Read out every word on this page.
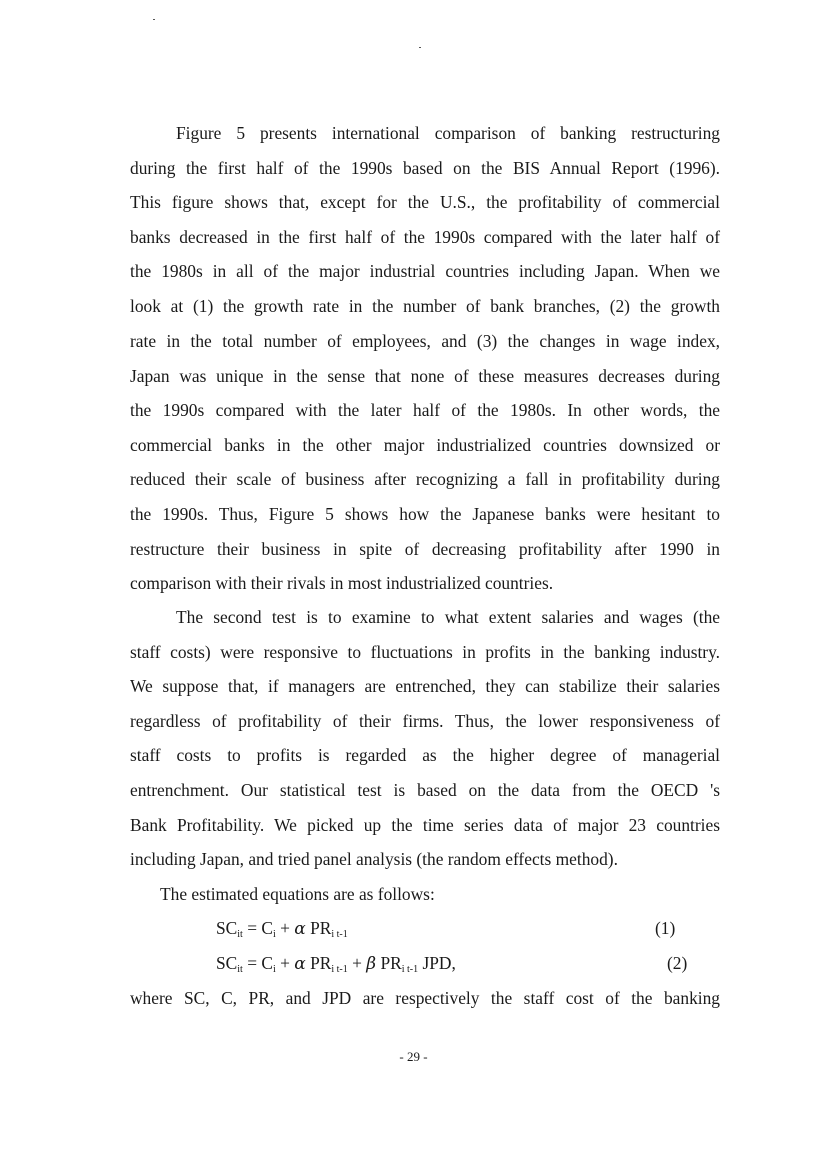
Figure 5 presents international comparison of banking restructuring
during the first half of the 1990s based on the BIS Annual Report (1996).
This figure shows that, except for the U.S., the profitability of commercial
banks decreased in the first half of the 1990s compared with the later half of
the 1980s in all of the major industrial countries including Japan. When we
look at (1) the growth rate in the number of bank branches, (2) the growth
rate in the total number of employees, and (3) the changes in wage index,
Japan was unique in the sense that none of these measures decreases during
the 1990s compared with the later half of the 1980s. In other words, the
commercial banks in the other major industrialized countries downsized or
reduced their scale of business after recognizing a fall in profitability during
the 1990s. Thus, Figure 5 shows how the Japanese banks were hesitant to
restructure their business in spite of decreasing profitability after 1990 in
comparison with their rivals in most industrialized countries.
The second test is to examine to what extent salaries and wages (the
staff costs) were responsive to fluctuations in profits in the banking industry.
We suppose that, if managers are entrenched, they can stabilize their salaries
regardless of profitability of their firms. Thus, the lower responsiveness of
staff costs to profits is regarded as the higher degree of managerial
entrenchment. Our statistical test is based on the data from the OECD 's
Bank Profitability. We picked up the time series data of major 23 countries
including Japan, and tried panel analysis (the random effects method).
The estimated equations are as follows:
$SC_{it} = C_i + \alpha$ $PR_{i t-1}$	(1)
$SC_{it} = C_i + \alpha$ $PR_{i t-1} + \beta$ $PR_{i t-1}$ JPD,	(2)
where SC, C, PR, and JPD are respectively the staff cost of the banking
- 29 -
